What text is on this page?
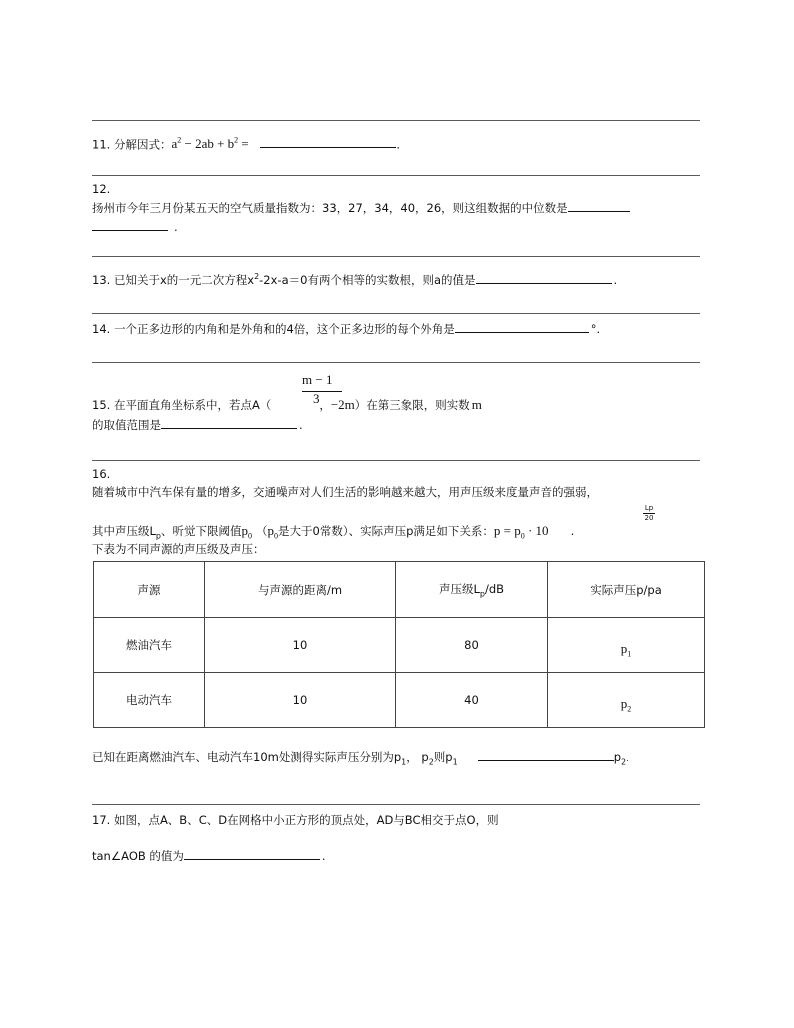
11. 分解因式：$a^2 - 2ab + b^2$ =	.
12.
扬州市今年三月份某五天的空气质量指数为：33，27，34，40，26，则这组数据的中位数是
.
13. 已知关于x的一元二次方程$x^2-2x-a=0$有两个相等的实数根，则a的值是	.
14. 一个正多边形的内角和是外角和的4倍，这个正多边形的每个外角是	°.
m − 1
3
15. 在平面直角坐标系中，若点A（	，−2m）在第三象限，则实数 m
的取值范围是	.
16.
随着城市中汽车保有量的增多，交通噪声对人们生活的影响越来越大，用声压级来度量声音的强弱，
Lp
20
其中声压级$L_p$、听觉下限阈值$p_0$ （$p_0$是大于0常数）、实际声压p满足如下关系：$p = p_0 \cdot 10$ .
下表为不同声源的声压级及声压：
声源	与声源的距离/m	声压级$L_p/dB$	实际声压p/pa
燃油汽车	10	80	$p_1$
电动汽车	10	40	$p_2$
已知在距离燃油汽车、电动汽车10m处测得实际声压分别为$p_1$， $p_2$则$p_1$	$p_2$.
17. 如图，点A、B、C、D在网格中小正方形的顶点处，AD与BC相交于点O，则
tan∠AOB 的值为	.
